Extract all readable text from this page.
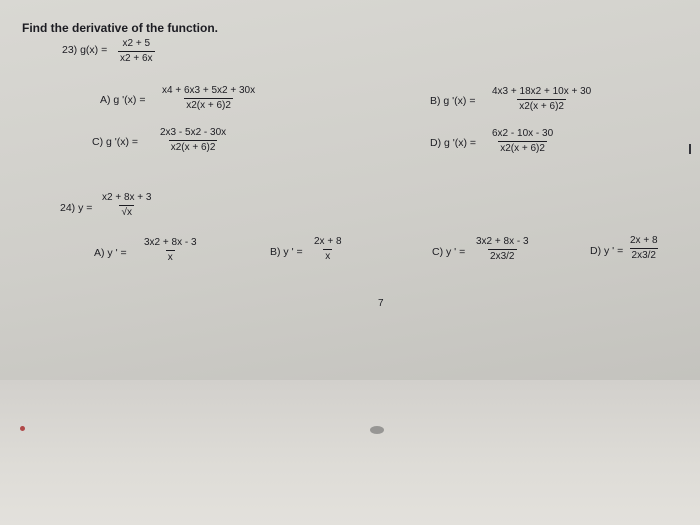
Find the derivative of the function.
23) $g(x) = \frac{x2 + 5}{x2 + 6x}$
A) g '$(x) = \frac{x4 + 6x3 + 5x2 + 30x}{x2(x + 6)2}$	B) g '$(x) = \frac{4x3 + 18x2 + 10x + 30}{x2(x + 6)2}$
C) g '$(x) = \frac{2x3 - 5x2 - 30x}{x2(x + 6)2}$	D) g '$(x) = \frac{6x2 - 10x - 30}{x2(x + 6)2}$
24) $y = \frac{x2 + 8x + 3}{√x}$
A) y ' = $\frac{3x2 + 8x - 3}{x}$	B) y ' = $\frac{2x + 8}{x}$	C) y ' = $\frac{3x2 + 8x - 3}{2x3/2}$	D) y ' = $\frac{2x + 8}{2x3/2}$
7
